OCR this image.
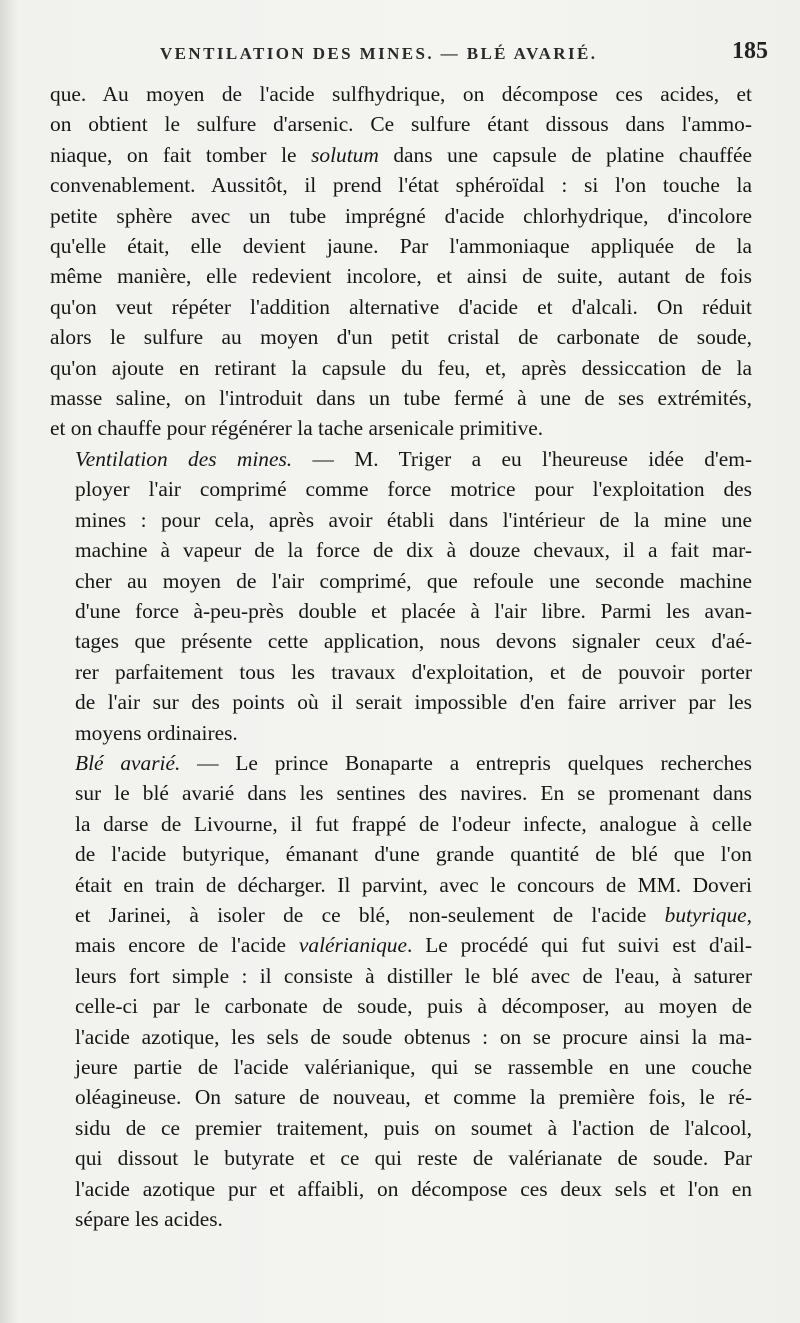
VENTILATION DES MINES. — BLÉ AVARIÉ.	185

que. Au moyen de l'acide sulfhydrique, on décompose ces acides, et
on obtient le sulfure d'arsenic. Ce sulfure étant dissous dans l'ammo-
niaque, on fait tomber le solutum dans une capsule de platine chauffée
convenablement. Aussitôt, il prend l'état sphéroïdal : si l'on touche la
petite sphère avec un tube imprégné d'acide chlorhydrique, d'incolore
qu'elle était, elle devient jaune. Par l'ammoniaque appliquée de la
même manière, elle redevient incolore, et ainsi de suite, autant de fois
qu'on veut répéter l'addition alternative d'acide et d'alcali. On réduit
alors le sulfure au moyen d'un petit cristal de carbonate de soude,
qu'on ajoute en retirant la capsule du feu, et, après dessiccation de la
masse saline, on l'introduit dans un tube fermé à une de ses extrémités,
et on chauffe pour régénérer la tache arsenicale primitive.

Ventilation des mines. — M. Triger a eu l'heureuse idée d'em-
ployer l'air comprimé comme force motrice pour l'exploitation des
mines : pour cela, après avoir établi dans l'intérieur de la mine une
machine à vapeur de la force de dix à douze chevaux, il a fait mar-
cher au moyen de l'air comprimé, que refoule une seconde machine
d'une force à-peu-près double et placée à l'air libre. Parmi les avan-
tages que présente cette application, nous devons signaler ceux d'aé-
rer parfaitement tous les travaux d'exploitation, et de pouvoir porter
de l'air sur des points où il serait impossible d'en faire arriver par les
moyens ordinaires.

Blé avarié. — Le prince Bonaparte a entrepris quelques recherches
sur le blé avarié dans les sentines des navires. En se promenant dans
la darse de Livourne, il fut frappé de l'odeur infecte, analogue à celle
de l'acide butyrique, émanant d'une grande quantité de blé que l'on
était en train de décharger. Il parvint, avec le concours de MM. Doveri
et Jarinei, à isoler de ce blé, non-seulement de l'acide butyrique,
mais encore de l'acide valérianique. Le procédé qui fut suivi est d'ail-
leurs fort simple : il consiste à distiller le blé avec de l'eau, à saturer
celle-ci par le carbonate de soude, puis à décomposer, au moyen de
l'acide azotique, les sels de soude obtenus : on se procure ainsi la ma-
jeure partie de l'acide valérianique, qui se rassemble en une couche
oléagineuse. On sature de nouveau, et comme la première fois, le ré-
sidu de ce premier traitement, puis on soumet à l'action de l'alcool,
qui dissout le butyrate et ce qui reste de valérianate de soude. Par
l'acide azotique pur et affaibli, on décompose ces deux sels et l'on en
sépare les acides.
